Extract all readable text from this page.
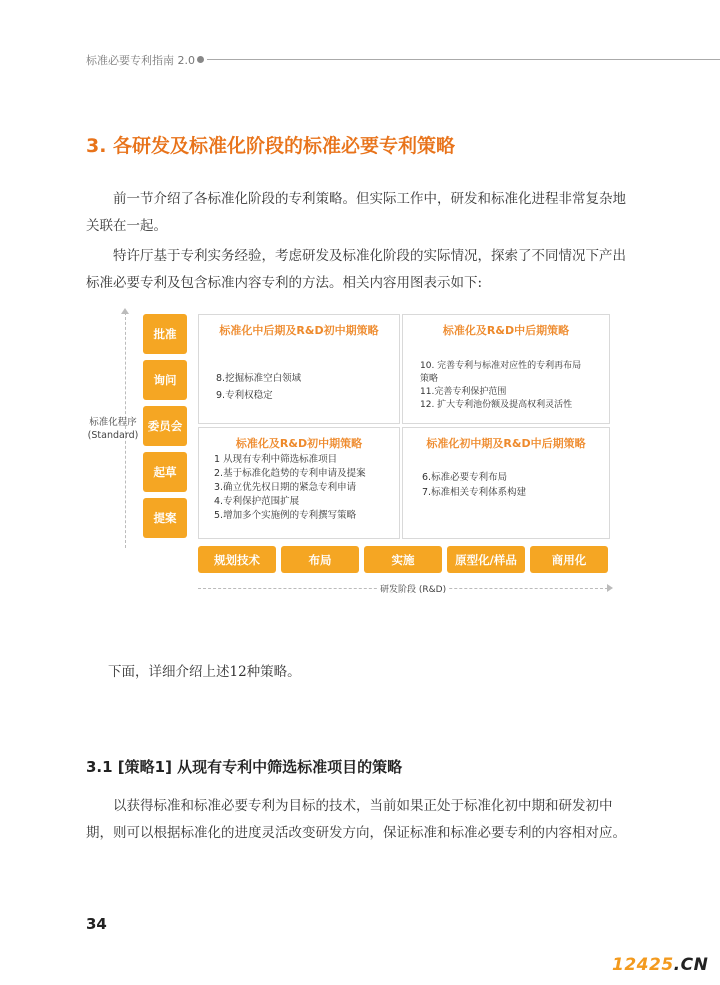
标准必要专利指南 2.0
3. 各研发及标准化阶段的标准必要专利策略

前一节介绍了各标准化阶段的专利策略。但实际工作中，研发和标准化进程非常复杂地关联在一起。

特许厅基于专利实务经验，考虑研发及标准化阶段的实际情况，探索了不同情况下产出标准必要专利及包含标准内容专利的方法。相关内容用图表示如下:

标准化程序
(Standard)
批准
询问
委员会
起草
提案
标准化中后期及R&D初中期策略
8.挖掘标准空白领域
9.专利权稳定
标准化及R&D中后期策略
10. 完善专利与标准对应性的专利再布局
策略
11.完善专利保护范围
12. 扩大专利池份额及提高权利灵活性
标准化及R&D初中期策略
1 从现有专利中筛选标准项目
2.基于标准化趋势的专利申请及提案
3.确立优先权日期的紧急专利申请
4.专利保护范围扩展
5.增加多个实施例的专利撰写策略
标准化初中期及R&D中后期策略
6.标准必要专利布局
7.标准相关专利体系构建
规划技术	布局	实施	原型化/样品	商用化
研发阶段 (R&D)

下面，详细介绍上述12种策略。

3.1 [策略1] 从现有专利中筛选标准项目的策略

以获得标准和标准必要专利为目标的技术，当前如果正处于标准化初中期和研发初中期，则可以根据标准化的进度灵活改变研发方向，保证标准和标准必要专利的内容相对应。

34
12425.CN
